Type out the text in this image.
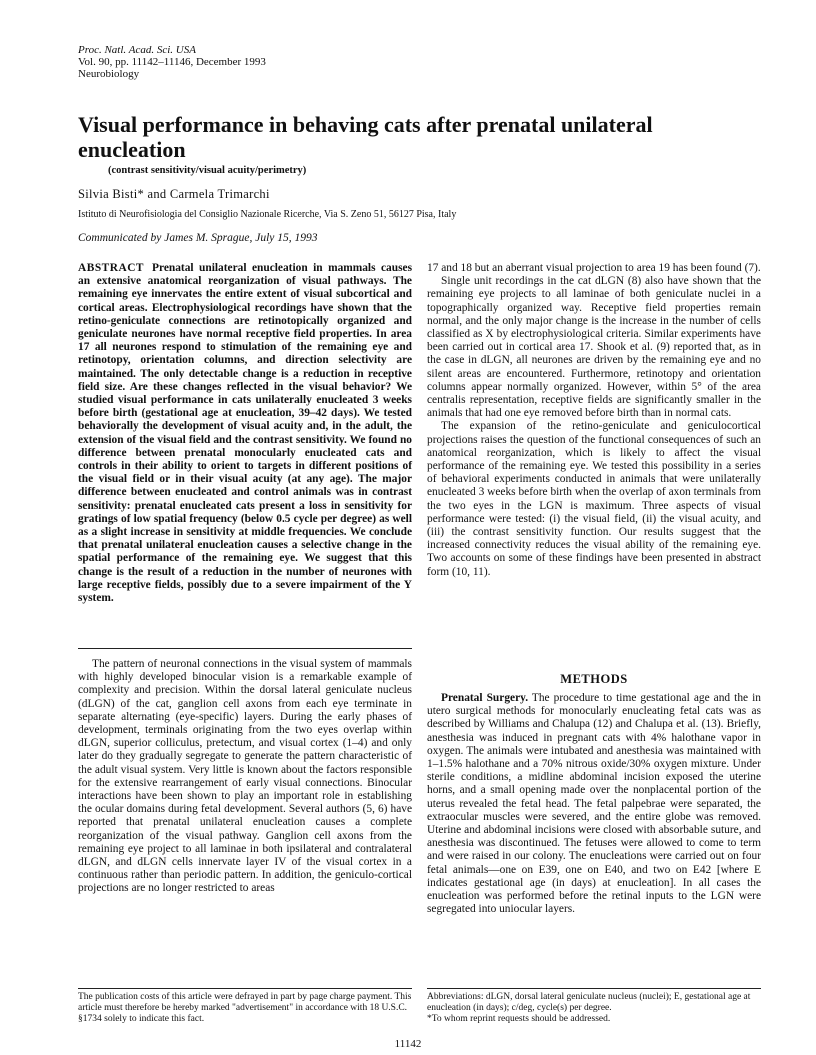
Proc. Natl. Acad. Sci. USA
Vol. 90, pp. 11142–11146, December 1993
Neurobiology
Visual performance in behaving cats after prenatal unilateral enucleation
(contrast sensitivity/visual acuity/perimetry)
Silvia Bisti* and Carmela Trimarchi
Istituto di Neurofisiologia del Consiglio Nazionale Ricerche, Via S. Zeno 51, 56127 Pisa, Italy
Communicated by James M. Sprague, July 15, 1993
ABSTRACT Prenatal unilateral enucleation in mammals causes an extensive anatomical reorganization of visual pathways. The remaining eye innervates the entire extent of visual subcortical and cortical areas. Electrophysiological recordings have shown that the retino-geniculate connections are retinotopically organized and geniculate neurones have normal receptive field properties. In area 17 all neurones respond to stimulation of the remaining eye and retinotopy, orientation columns, and direction selectivity are maintained. The only detectable change is a reduction in receptive field size. Are these changes reflected in the visual behavior? We studied visual performance in cats unilaterally enucleated 3 weeks before birth (gestational age at enucleation, 39–42 days). We tested behaviorally the development of visual acuity and, in the adult, the extension of the visual field and the contrast sensitivity. We found no difference between prenatal monocularly enucleated cats and controls in their ability to orient to targets in different positions of the visual field or in their visual acuity (at any age). The major difference between enucleated and control animals was in contrast sensitivity: prenatal enucleated cats present a loss in sensitivity for gratings of low spatial frequency (below 0.5 cycle per degree) as well as a slight increase in sensitivity at middle frequencies. We conclude that prenatal unilateral enucleation causes a selective change in the spatial performance of the remaining eye. We suggest that this change is the result of a reduction in the number of neurones with large receptive fields, possibly due to a severe impairment of the Y system.
The pattern of neuronal connections in the visual system of mammals with highly developed binocular vision is a remarkable example of complexity and precision. Within the dorsal lateral geniculate nucleus (dLGN) of the cat, ganglion cell axons from each eye terminate in separate alternating (eye-specific) layers. During the early phases of development, terminals originating from the two eyes overlap within dLGN, superior colliculus, pretectum, and visual cortex (1–4) and only later do they gradually segregate to generate the pattern characteristic of the adult visual system. Very little is known about the factors responsible for the extensive rearrangement of early visual connections. Binocular interactions have been shown to play an important role in establishing the ocular domains during fetal development. Several authors (5, 6) have reported that prenatal unilateral enucleation causes a complete reorganization of the visual pathway. Ganglion cell axons from the remaining eye project to all laminae in both ipsilateral and contralateral dLGN, and dLGN cells innervate layer IV of the visual cortex in a continuous rather than periodic pattern. In addition, the geniculo-cortical projections are no longer restricted to areas

17 and 18 but an aberrant visual projection to area 19 has been found (7).

Single unit recordings in the cat dLGN (8) also have shown that the remaining eye projects to all laminae of both geniculate nuclei in a topographically organized way. Receptive field properties remain normal, and the only major change is the increase in the number of cells classified as X by electrophysiological criteria. Similar experiments have been carried out in cortical area 17. Shook et al. (9) reported that, as in the case in dLGN, all neurones are driven by the remaining eye and no silent areas are encountered. Furthermore, retinotopy and orientation columns appear normally organized. However, within 5° of the area centralis representation, receptive fields are significantly smaller in the animals that had one eye removed before birth than in normal cats.

The expansion of the retino-geniculate and geniculocortical projections raises the question of the functional consequences of such an anatomical reorganization, which is likely to affect the visual performance of the remaining eye. We tested this possibility in a series of behavioral experiments conducted in animals that were unilaterally enucleated 3 weeks before birth when the overlap of axon terminals from the two eyes in the LGN is maximum. Three aspects of visual performance were tested: (i) the visual field, (ii) the visual acuity, and (iii) the contrast sensitivity function. Our results suggest that the increased connectivity reduces the visual ability of the remaining eye. Two accounts on some of these findings have been presented in abstract form (10, 11).

METHODS
Prenatal Surgery. The procedure to time gestational age and the in utero surgical methods for monocularly enucleating fetal cats was as described by Williams and Chalupa (12) and Chalupa et al. (13). Briefly, anesthesia was induced in pregnant cats with 4% halothane vapor in oxygen. The animals were intubated and anesthesia was maintained with 1–1.5% halothane and a 70% nitrous oxide/30% oxygen mixture. Under sterile conditions, a midline abdominal incision exposed the uterine horns, and a small opening made over the nonplacental portion of the uterus revealed the fetal head. The fetal palpebrae were separated, the extraocular muscles were severed, and the entire globe was removed. Uterine and abdominal incisions were closed with absorbable suture, and anesthesia was discontinued. The fetuses were allowed to come to term and were raised in our colony. The enucleations were carried out on four fetal animals—one on E39, one on E40, and two on E42 [where E indicates gestational age (in days) at enucleation]. In all cases the enucleation was performed before the retinal inputs to the LGN were segregated into uniocular layers.
The publication costs of this article were defrayed in part by page charge payment. This article must therefore be hereby marked "advertisement" in accordance with 18 U.S.C. §1734 solely to indicate this fact.
Abbreviations: dLGN, dorsal lateral geniculate nucleus (nuclei); E, gestational age at enucleation (in days); c/deg, cycle(s) per degree.
*To whom reprint requests should be addressed.
11142
